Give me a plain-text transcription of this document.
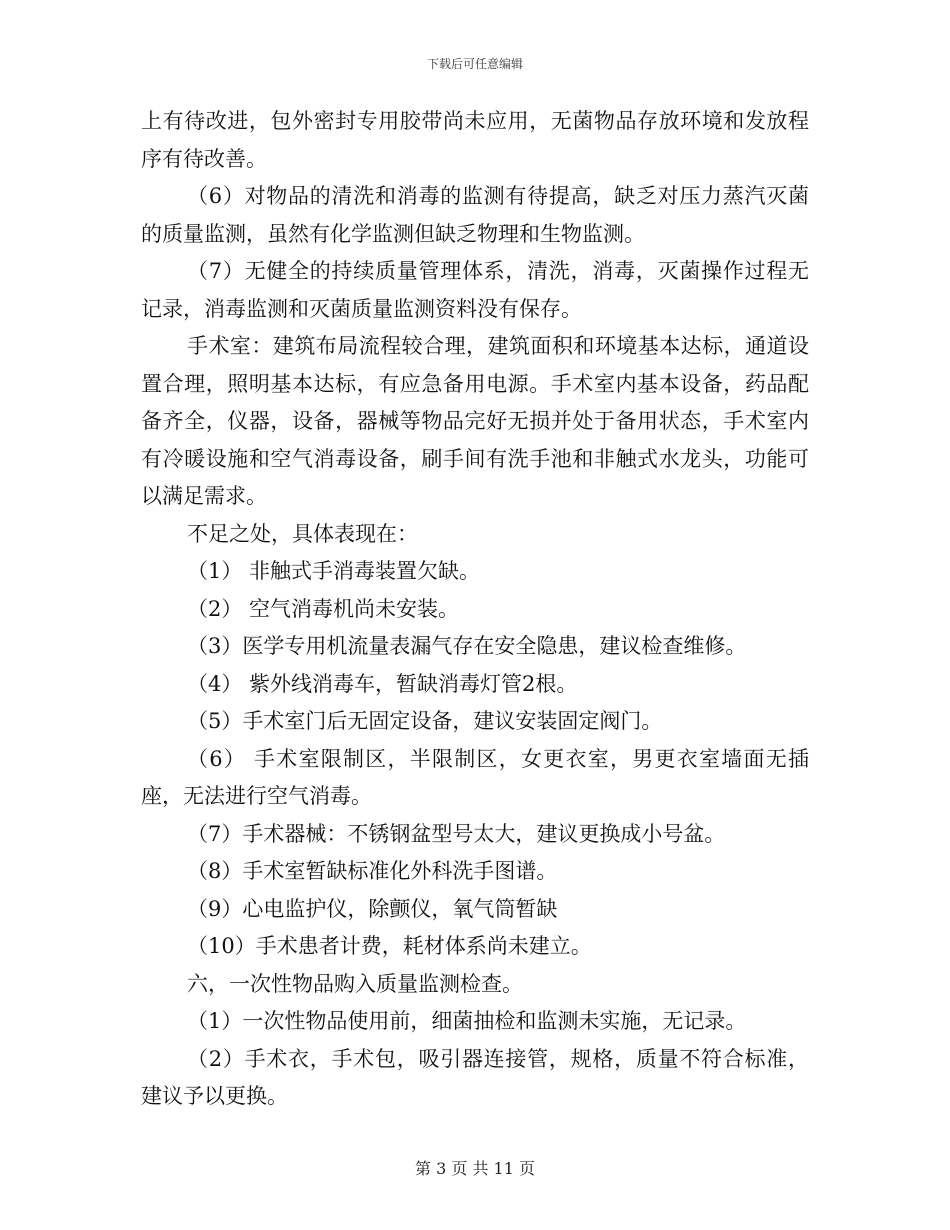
下载后可任意编辑

上有待改进，包外密封专用胶带尚未应用，无菌物品存放环境和发放程序有待改善。

（6）对物品的清洗和消毒的监测有待提高，缺乏对压力蒸汽灭菌的质量监测，虽然有化学监测但缺乏物理和生物监测。

（7）无健全的持续质量管理体系，清洗，消毒，灭菌操作过程无记录，消毒监测和灭菌质量监测资料没有保存。

手术室：建筑布局流程较合理，建筑面积和环境基本达标，通道设置合理，照明基本达标，有应急备用电源。手术室内基本设备，药品配备齐全，仪器，设备，器械等物品完好无损并处于备用状态，手术室内有冷暖设施和空气消毒设备，刷手间有洗手池和非触式水龙头，功能可以满足需求。

不足之处，具体表现在：

（1） 非触式手消毒装置欠缺。

（2） 空气消毒机尚未安装。

（3）医学专用机流量表漏气存在安全隐患，建议检查维修。

（4） 紫外线消毒车，暂缺消毒灯管2根。

（5）手术室门后无固定设备，建议安装固定阀门。

（6） 手术室限制区，半限制区，女更衣室，男更衣室墙面无插座，无法进行空气消毒。

（7）手术器械：不锈钢盆型号太大，建议更换成小号盆。

（8）手术室暂缺标准化外科洗手图谱。

（9）心电监护仪，除颤仪，氧气筒暂缺

（10）手术患者计费，耗材体系尚未建立。

六，一次性物品购入质量监测检查。

（1）一次性物品使用前，细菌抽检和监测未实施，无记录。

（2）手术衣，手术包，吸引器连接管，规格，质量不符合标准，建议予以更换。

第 3 页 共 11 页
